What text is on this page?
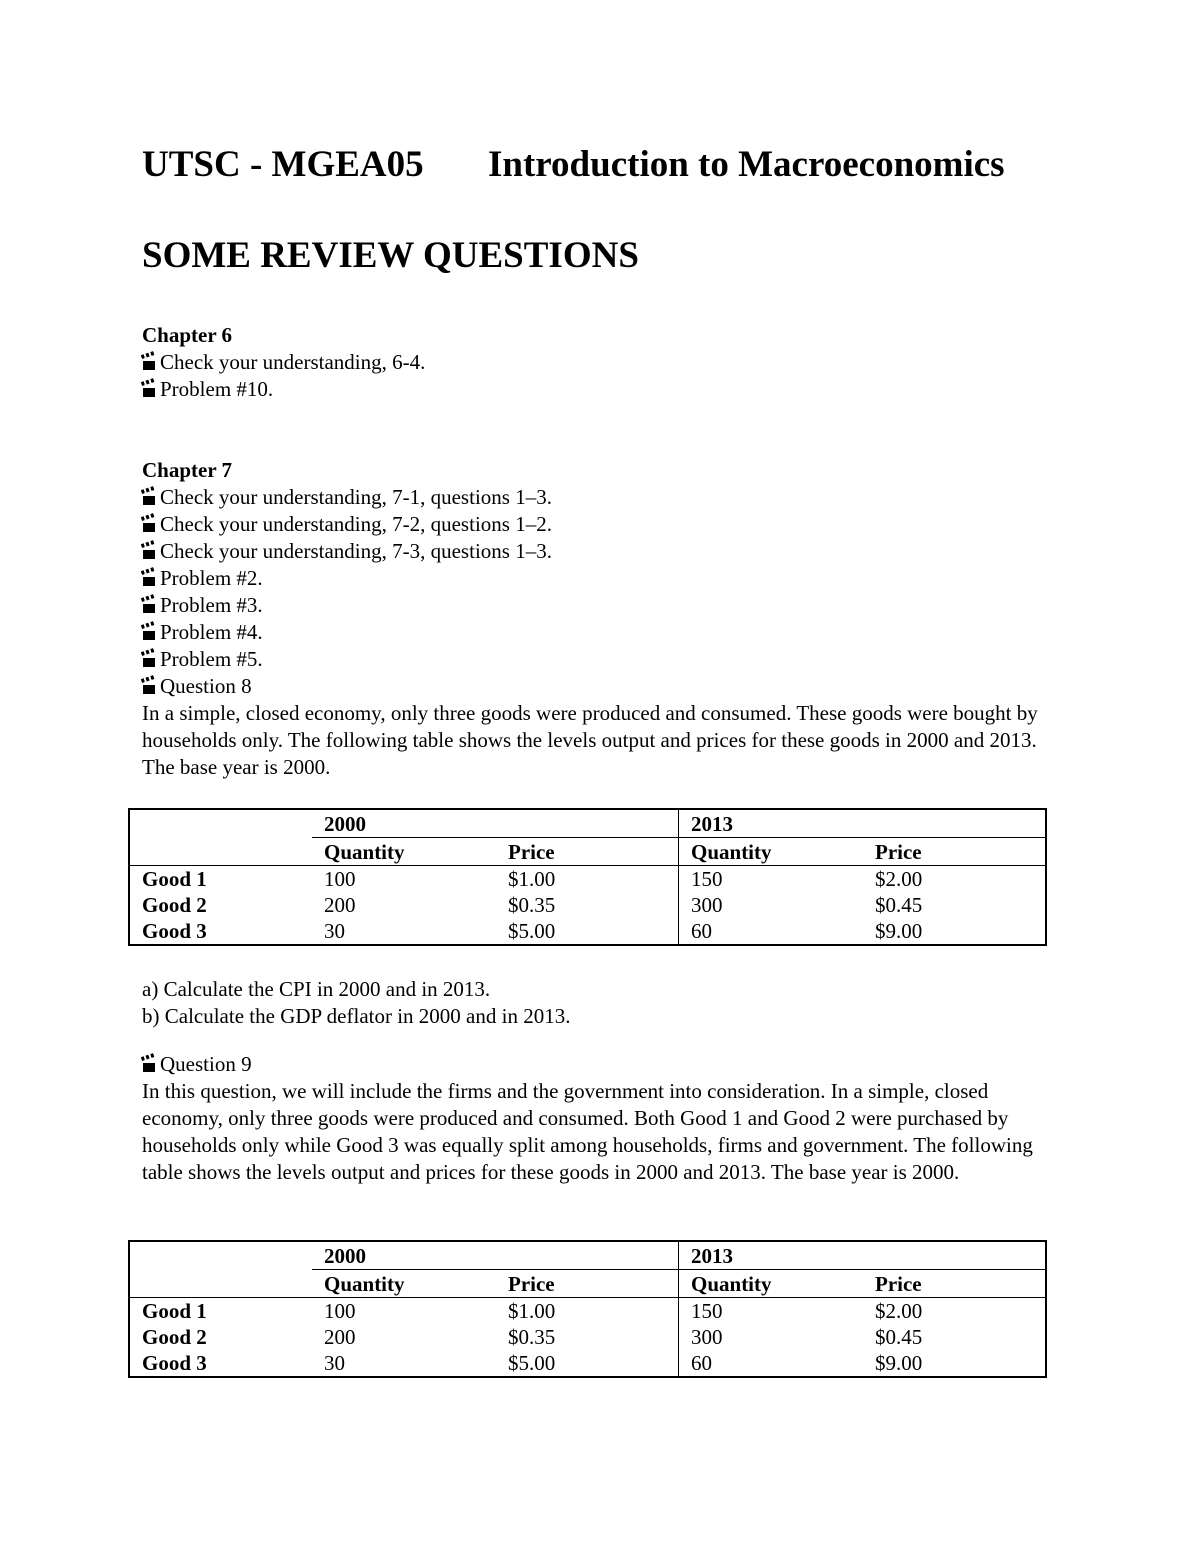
UTSC - MGEA05 Introduction to Macroeconomics
SOME REVIEW QUESTIONS
Chapter 6
Check your understanding, 6-4.
Problem #10.
Chapter 7
Check your understanding, 7-1, questions 1–3.
Check your understanding, 7-2, questions 1–2.
Check your understanding, 7-3, questions 1–3.
Problem #2.
Problem #3.
Problem #4.
Problem #5.
Question 8
In a simple, closed economy, only three goods were produced and consumed. These goods were bought by households only. The following table shows the levels output and prices for these goods in 2000 and 2013. The base year is 2000.
a) Calculate the CPI in 2000 and in 2013.
b) Calculate the GDP deflator in 2000 and in 2013.
Question 9
In this question, we will include the firms and the government into consideration. In a simple, closed economy, only three goods were produced and consumed. Both Good 1 and Good 2 were purchased by households only while Good 3 was equally split among households, firms and government. The following table shows the levels output and prices for these goods in 2000 and 2013. The base year is 2000.
	2000		2013	
	Quantity	Price	Quantity	Price
Good 1	100	$1.00	150	$2.00
Good 2	200	$0.35	300	$0.45
Good 3	30	$5.00	60	$9.00
	2000		2013	
	Quantity	Price	Quantity	Price
Good 1	100	$1.00	150	$2.00
Good 2	200	$0.35	300	$0.45
Good 3	30	$5.00	60	$9.00
